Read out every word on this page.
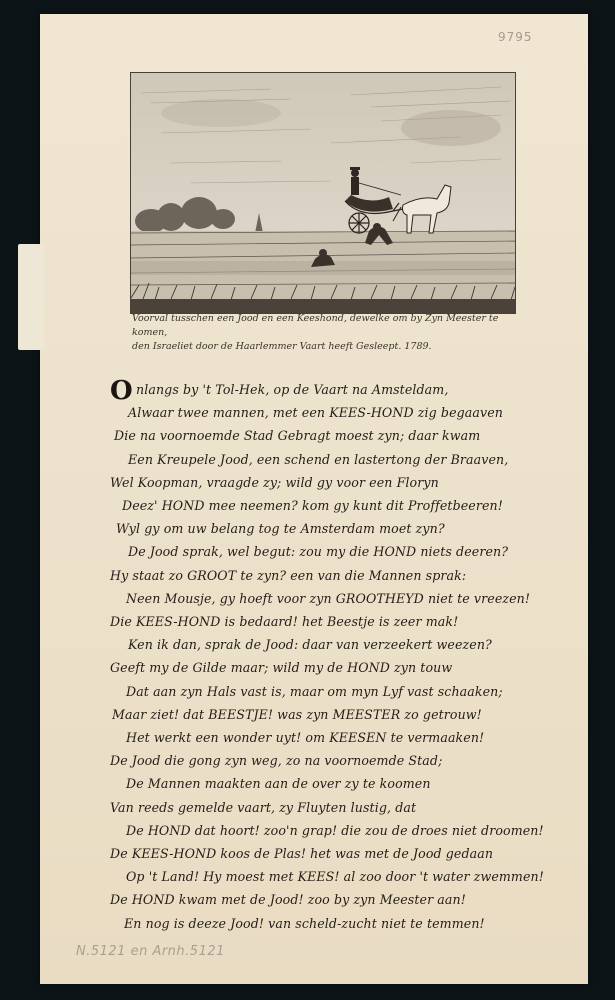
9795
Voorval tusschen een Jood en een Keeshond, dewelke om by Zyn Meester te komen,
den Israeliet door de Haarlemmer Vaart heeft Gesleept. 1789.
O nlangs by 't Tol-Hek, op de Vaart na Amsteldam,
Alwaar twee mannen, met een KEES-HOND zig begaaven
Die na voornoemde Stad Gebragt moest zyn; daar kwam
Een Kreupele Jood, een schend en lastertong der Braaven,
Wel Koopman, vraagde zy; wild gy voor een Floryn
Deez' HOND mee neemen? kom gy kunt dit Proffetbeeren!
Wyl gy om uw belang tog te Amsterdam moet zyn?
De Jood sprak, wel begut: zou my die HOND niets deeren?
Hy staat zo GROOT te zyn? een van die Mannen sprak:
Neen Mousje, gy hoeft voor zyn GROOTHEYD niet te vreezen!
Die KEES-HOND is bedaard! het Beestje is zeer mak!
Ken ik dan, sprak de Jood: daar van verzeekert weezen?
Geeft my de Gilde maar; wild my de HOND zyn touw
Dat aan zyn Hals vast is, maar om myn Lyf vast schaaken;
Maar ziet! dat BEESTJE! was zyn MEESTER zo getrouw!
Het werkt een wonder uyt! om KEESEN te vermaaken!
De Jood die gong zyn weg, zo na voornoemde Stad;
De Mannen maakten aan de over zy te koomen
Van reeds gemelde vaart, zy Fluyten lustig, dat
De HOND dat hoort! zoo'n grap! die zou de droes niet droomen!
De KEES-HOND koos de Plas! het was met de Jood gedaan
Op 't Land! Hy moest met KEES! al zoo door 't water zwemmen!
De HOND kwam met de Jood! zoo by zyn Meester aan!
En nog is deeze Jood! van scheld-zucht niet te temmen!
N.5121 en Arnh.5121
